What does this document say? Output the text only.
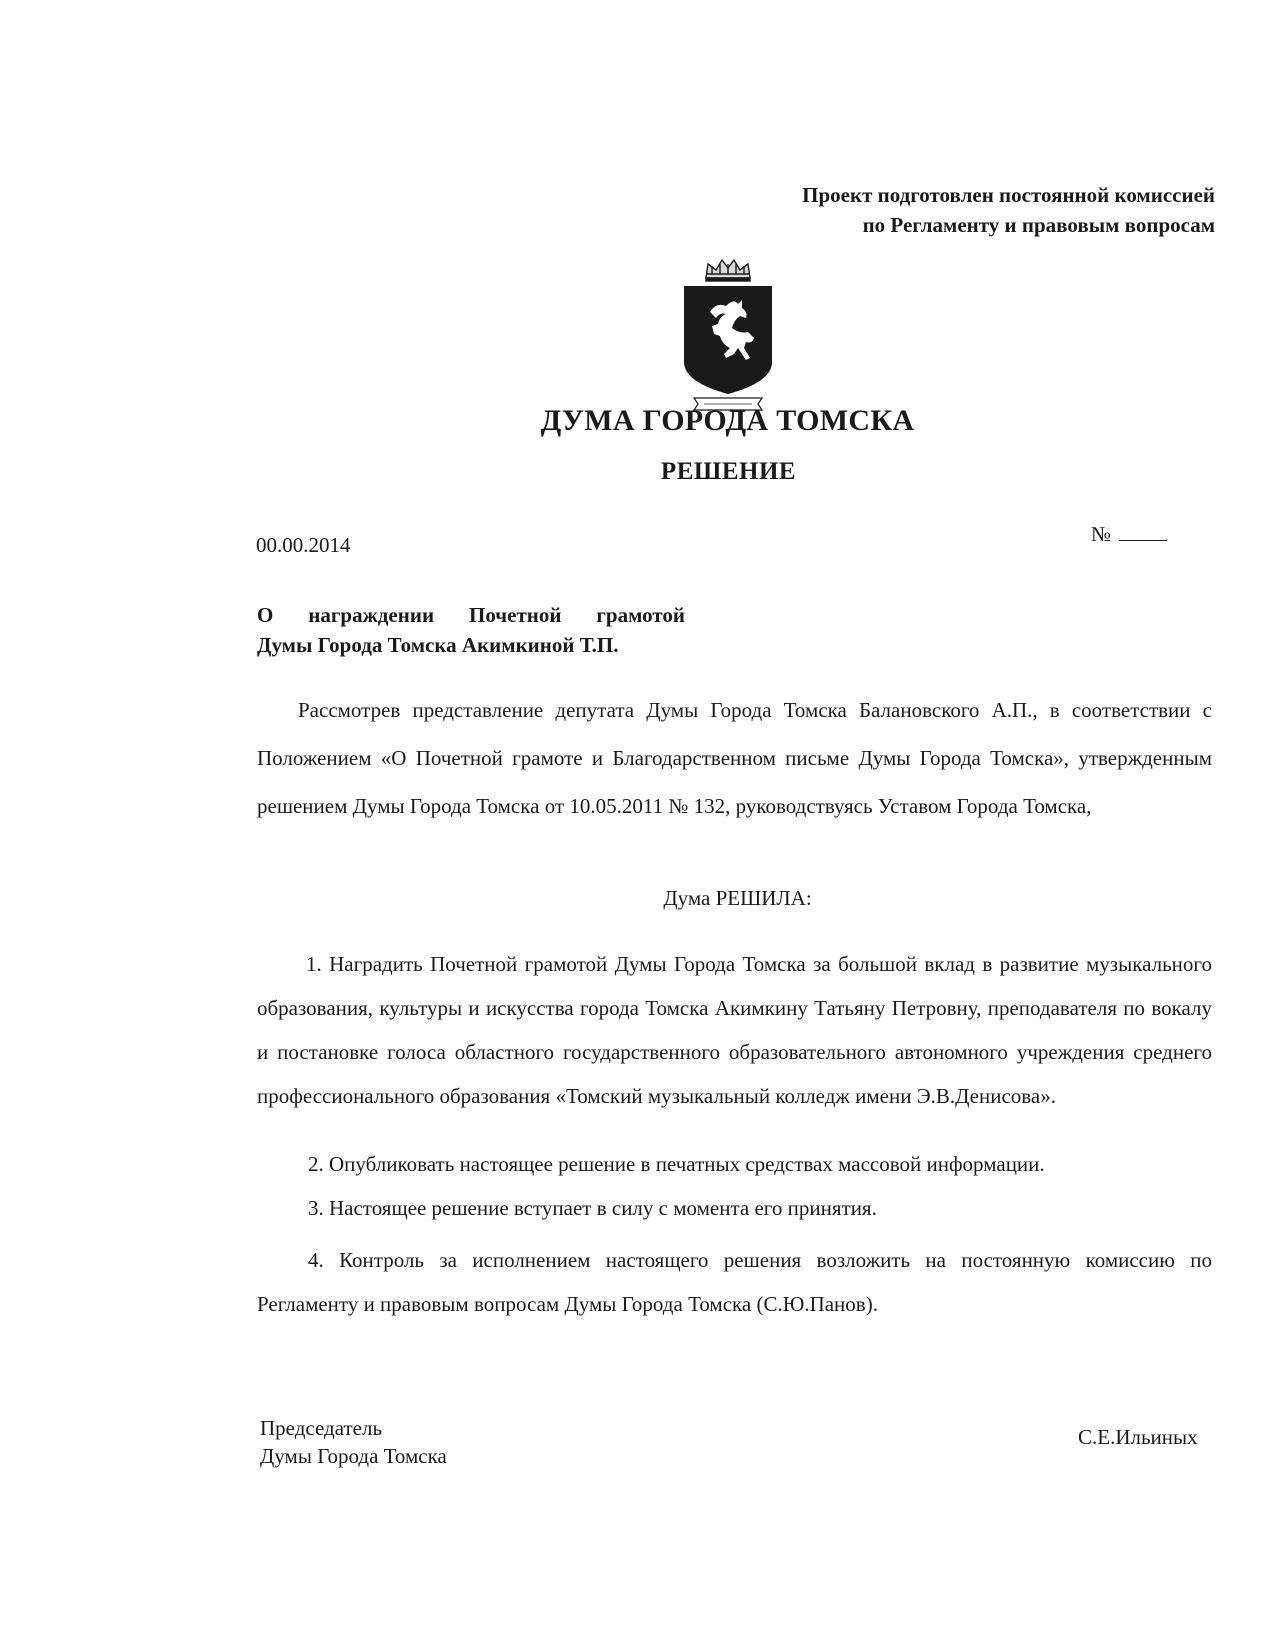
Проект подготовлен постоянной комиссией
по Регламенту и правовым вопросам
ДУМА ГОРОДА ТОМСКА
РЕШЕНИЕ
00.00.2014	№
О награждении Почетной грамотой
Думы Города Томска Акимкиной Т.П.
Рассмотрев представление депутата Думы Города Томска Балановского А.П., в соответствии с Положением «О Почетной грамоте и Благодарственном письме Думы Города Томска», утвержденным решением Думы Города Томска от 10.05.2011 № 132, руководствуясь Уставом Города Томска,
Дума РЕШИЛА:
1. Наградить Почетной грамотой Думы Города Томска за большой вклад в развитие музыкального образования, культуры и искусства города Томска Акимкину Татьяну Петровну, преподавателя по вокалу и постановке голоса областного государственного образовательного автономного учреждения среднего профессионального образования «Томский музыкальный колледж имени Э.В.Денисова».
2. Опубликовать настоящее решение в печатных средствах массовой информации.
3. Настоящее решение вступает в силу с момента его принятия.
4. Контроль за исполнением настоящего решения возложить на постоянную комиссию по Регламенту и правовым вопросам Думы Города Томска (С.Ю.Панов).
Председатель
Думы Города Томска
С.Е.Ильиных
